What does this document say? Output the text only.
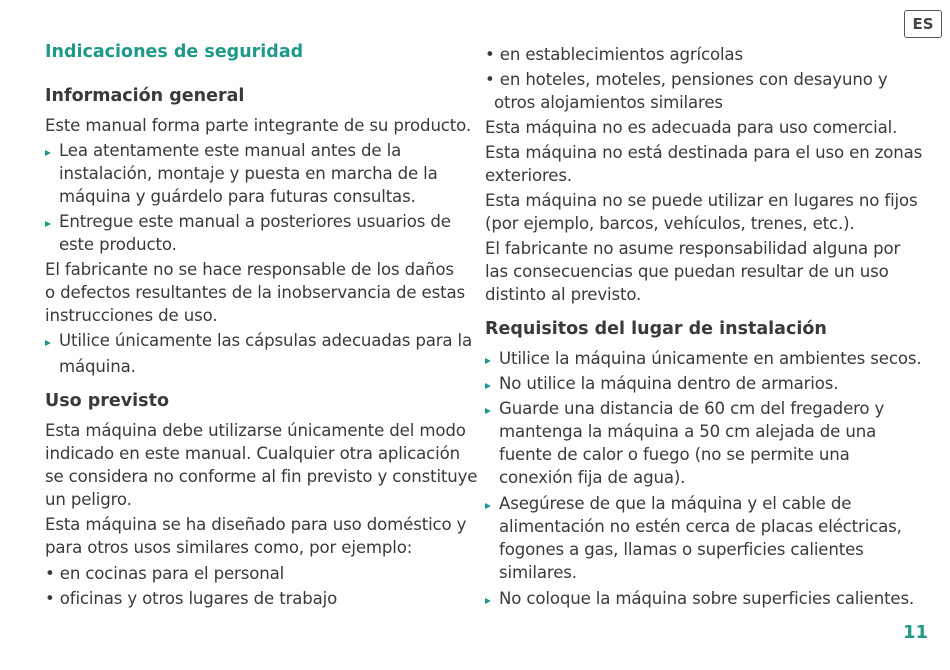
ES
Indicaciones de seguridad
Información general
Este manual forma parte integrante de su producto.
Lea atentamente este manual antes de la
instalación, montaje y puesta en marcha de la
máquina y guárdelo para futuras consultas.
Entregue este manual a posteriores usuarios de
este producto.
El fabricante no se hace responsable de los daños
o defectos resultantes de la inobservancia de estas
instrucciones de uso.
Utilice únicamente las cápsulas adecuadas para la
máquina.
Uso previsto
Esta máquina debe utilizarse únicamente del modo
indicado en este manual. Cualquier otra aplicación
se considera no conforme al fin previsto y constituye
un peligro.
Esta máquina se ha diseñado para uso doméstico y
para otros usos similares como, por ejemplo:
• en cocinas para el personal
• oficinas y otros lugares de trabajo
• en establecimientos agrícolas
• en hoteles, moteles, pensiones con desayuno y
otros alojamientos similares
Esta máquina no es adecuada para uso comercial.
Esta máquina no está destinada para el uso en zonas
exteriores.
Esta máquina no se puede utilizar en lugares no fijos
(por ejemplo, barcos, vehículos, trenes, etc.).
El fabricante no asume responsabilidad alguna por
las consecuencias que puedan resultar de un uso
distinto al previsto.
Requisitos del lugar de instalación
Utilice la máquina únicamente en ambientes secos.
No utilice la máquina dentro de armarios.
Guarde una distancia de 60 cm del fregadero y
mantenga la máquina a 50 cm alejada de una
fuente de calor o fuego (no se permite una
conexión fija de agua).
Asegúrese de que la máquina y el cable de
alimentación no estén cerca de placas eléctricas,
fogones a gas, llamas o superficies calientes
similares.
No coloque la máquina sobre superficies calientes.
11
